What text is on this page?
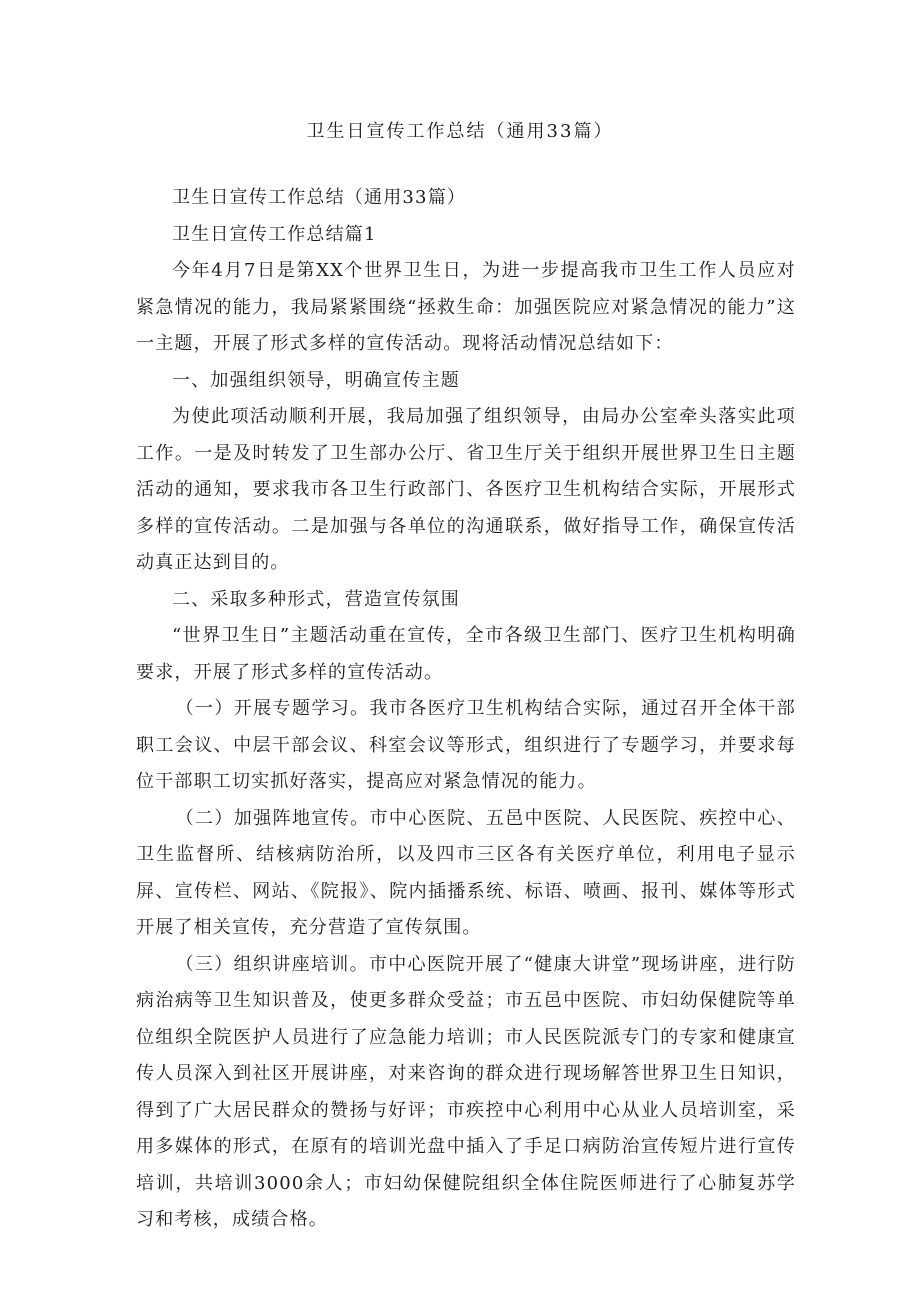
卫生日宣传工作总结（通用33篇）

卫生日宣传工作总结（通用33篇）

卫生日宣传工作总结篇1

今年4月7日是第XX个世界卫生日，为进一步提高我市卫生工作人员应对紧急情况的能力，我局紧紧围绕“拯救生命：加强医院应对紧急情况的能力”这一主题，开展了形式多样的宣传活动。现将活动情况总结如下：

一、加强组织领导，明确宣传主题

为使此项活动顺利开展，我局加强了组织领导，由局办公室牵头落实此项工作。一是及时转发了卫生部办公厅、省卫生厅关于组织开展世界卫生日主题活动的通知，要求我市各卫生行政部门、各医疗卫生机构结合实际，开展形式多样的宣传活动。二是加强与各单位的沟通联系，做好指导工作，确保宣传活动真正达到目的。

二、采取多种形式，营造宣传氛围

“世界卫生日”主题活动重在宣传，全市各级卫生部门、医疗卫生机构明确要求，开展了形式多样的宣传活动。

（一）开展专题学习。我市各医疗卫生机构结合实际，通过召开全体干部职工会议、中层干部会议、科室会议等形式，组织进行了专题学习，并要求每位干部职工切实抓好落实，提高应对紧急情况的能力。

（二）加强阵地宣传。市中心医院、五邑中医院、人民医院、疾控中心、卫生监督所、结核病防治所，以及四市三区各有关医疗单位，利用电子显示屏、宣传栏、网站、《院报》、院内插播系统、标语、喷画、报刊、媒体等形式开展了相关宣传，充分营造了宣传氛围。

（三）组织讲座培训。市中心医院开展了“健康大讲堂”现场讲座，进行防病治病等卫生知识普及，使更多群众受益；市五邑中医院、市妇幼保健院等单位组织全院医护人员进行了应急能力培训；市人民医院派专门的专家和健康宣传人员深入到社区开展讲座，对来咨询的群众进行现场解答世界卫生日知识，得到了广大居民群众的赞扬与好评；市疾控中心利用中心从业人员培训室，采用多媒体的形式，在原有的培训光盘中插入了手足口病防治宣传短片进行宣传培训，共培训3000余人；市妇幼保健院组织全体住院医师进行了心肺复苏学习和考核，成绩合格。
